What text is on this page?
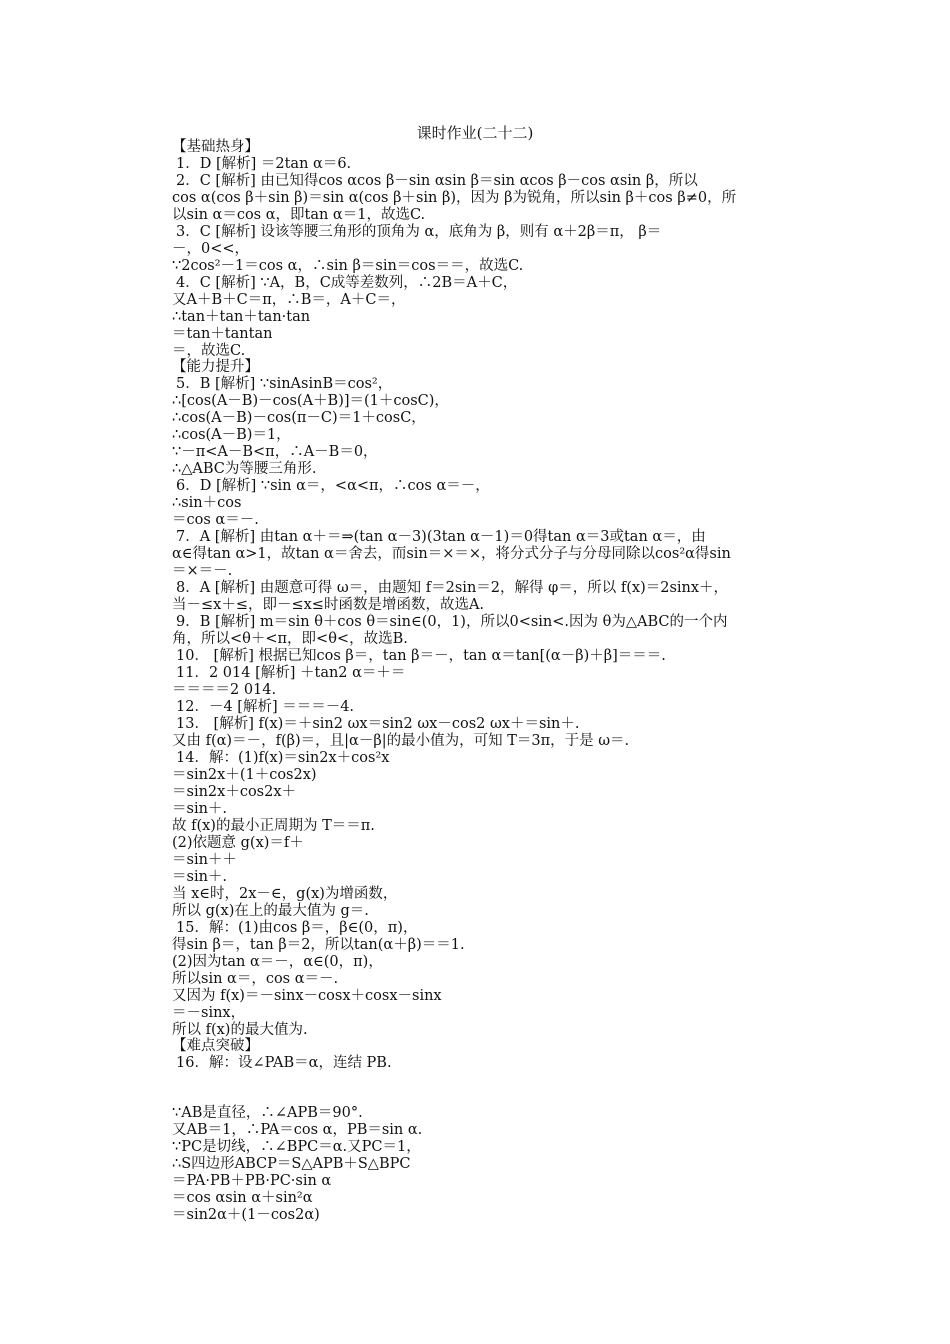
课时作业(二十二)
【基础热身】
1．D [解析] ＝2tan α＝6.
2．C [解析] 由已知得cos αcos β－sin αsin β＝sin αcos β－cos αsin β，所以
cos α(cos β＋sin β)＝sin α(cos β＋sin β)，因为 β为锐角，所以sin β＋cos β≠0，所
以sin α＝cos α，即tan α＝1，故选C.
3．C [解析] 设该等腰三角形的顶角为 α，底角为 β，则有 α＋2β＝π， β＝
－，0<<，
∵2cos²－1＝cos α，∴sin β＝sin＝cos＝＝，故选C.
4．C [解析] ∵A，B，C成等差数列，∴2B＝A＋C，
又A＋B＋C＝π，∴B＝，A＋C＝，
∴tan＋tan＋tan·tan
＝tan＋tantan
＝，故选C.
【能力提升】
5．B [解析] ∵sinAsinB＝cos²，
∴[cos(A－B)－cos(A＋B)]＝(1＋cosC)，
∴cos(A－B)－cos(π－C)＝1＋cosC，
∴cos(A－B)＝1，
∵－π<A－B<π，∴A－B＝0，
∴△ABC为等腰三角形.
6．D [解析] ∵sin α＝，<α<π，∴cos α＝－，
∴sin＋cos
＝cos α＝－.
7．A [解析] 由tan α＋＝⇒(tan α－3)(3tan α－1)＝0得tan α＝3或tan α＝，由
α∈得tan α>1，故tan α＝舍去，而sin＝×＝×，将分式分子与分母同除以cos²α得sin
＝×＝－.
8．A [解析] 由题意可得 ω＝，由题知 f＝2sin＝2，解得 φ＝，所以 f(x)＝2sinx＋，
当－≤x＋≤，即－≤x≤时函数是增函数，故选A.
9．B [解析] m＝sin θ＋cos θ＝sin∈(0，1)，所以0<sin<.因为 θ为△ABC的一个内
角，所以<θ＋<π，即<θ<，故选B.
10． [解析] 根据已知cos β＝，tan β＝－，tan α＝tan[(α－β)＋β]＝＝＝.
11．2 014 [解析] ＋tan2 α＝＋＝
＝＝＝＝2 014.
12．－4 [解析] ＝＝＝－4.
13． [解析] f(x)＝＋sin2 ωx＝sin2 ωx－cos2 ωx＋＝sin＋.
又由 f(α)＝－，f(β)＝，且|α－β|的最小值为，可知 T＝3π，于是 ω＝.
14．解：(1)f(x)＝sin2x＋cos²x
＝sin2x＋(1＋cos2x)
＝sin2x＋cos2x＋
＝sin＋.
故 f(x)的最小正周期为 T＝＝π.
(2)依题意 g(x)＝f＋
＝sin＋＋
＝sin＋.
当 x∈时，2x－∈，g(x)为增函数，
所以 g(x)在上的最大值为 g＝.
15．解：(1)由cos β＝，β∈(0，π)，
得sin β＝，tan β＝2，所以tan(α＋β)＝＝1.
(2)因为tan α＝－，α∈(0，π)，
所以sin α＝，cos α＝－.
又因为 f(x)＝－sinx－cosx＋cosx－sinx
＝－sinx，
所以 f(x)的最大值为.
【难点突破】
16．解：设∠PAB＝α，连结 PB.
∵AB是直径，∴∠APB＝90°.
又AB＝1，∴PA＝cos α，PB＝sin α.
∵PC是切线，∴∠BPC＝α.又PC＝1，
∴S四边形ABCP＝S△APB＋S△BPC
＝PA·PB＋PB·PC·sin α
＝cos αsin α＋sin²α
＝sin2α＋(1－cos2α)
